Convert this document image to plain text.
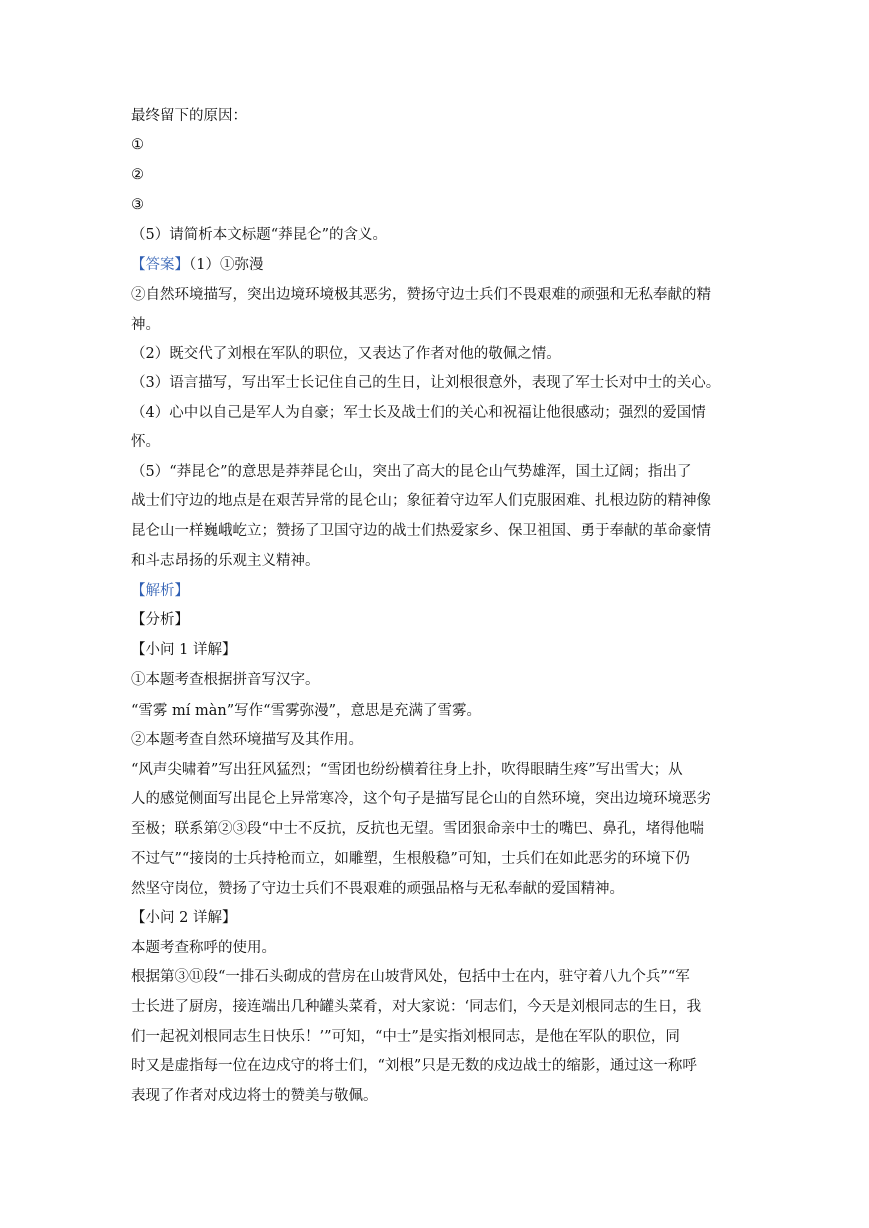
最终留下的原因：
①
②
③
（5）请简析本文标题“莽昆仑”的含义。
【答案】（1）①弥漫
②自然环境描写，突出边境环境极其恶劣，赞扬守边士兵们不畏艰难的顽强和无私奉献的精
神。
（2）既交代了刘根在军队的职位，又表达了作者对他的敬佩之情。
（3）语言描写，写出军士长记住自己的生日，让刘根很意外，表现了军士长对中士的关心。
（4）心中以自己是军人为自豪；军士长及战士们的关心和祝福让他很感动；强烈的爱国情
怀。
（5）“莽昆仑”的意思是莽莽昆仑山，突出了高大的昆仑山气势雄浑，国土辽阔；指出了
战士们守边的地点是在艰苦异常的昆仑山；象征着守边军人们克服困难、扎根边防的精神像
昆仑山一样巍峨屹立；赞扬了卫国守边的战士们热爱家乡、保卫祖国、勇于奉献的革命豪情
和斗志昂扬的乐观主义精神。
【解析】
【分析】
【小问 1 详解】
①本题考查根据拼音写汉字。
“雪雾 mí màn”写作“雪雾弥漫”，意思是充满了雪雾。
②本题考查自然环境描写及其作用。
“风声尖啸着”写出狂风猛烈；“雪团也纷纷横着往身上扑，吹得眼睛生疼”写出雪大；从
人的感觉侧面写出昆仑上异常寒冷，这个句子是描写昆仑山的自然环境，突出边境环境恶劣
至极；联系第②③段“中士不反抗，反抗也无望。雪团狠命亲中士的嘴巴、鼻孔，堵得他喘
不过气”“接岗的士兵持枪而立，如雕塑，生根般稳”可知，士兵们在如此恶劣的环境下仍
然坚守岗位，赞扬了守边士兵们不畏艰难的顽强品格与无私奉献的爱国精神。
【小问 2 详解】
本题考查称呼的使用。
根据第③⑪段“一排石头砌成的营房在山坡背风处，包括中士在内，驻守着八九个兵”“军
士长进了厨房，接连端出几种罐头菜肴，对大家说：‘同志们，今天是刘根同志的生日，我
们一起祝刘根同志生日快乐！’”可知，“中士”是实指刘根同志，是他在军队的职位，同
时又是虚指每一位在边戍守的将士们，“刘根”只是无数的戍边战士的缩影，通过这一称呼
表现了作者对戍边将士的赞美与敬佩。
